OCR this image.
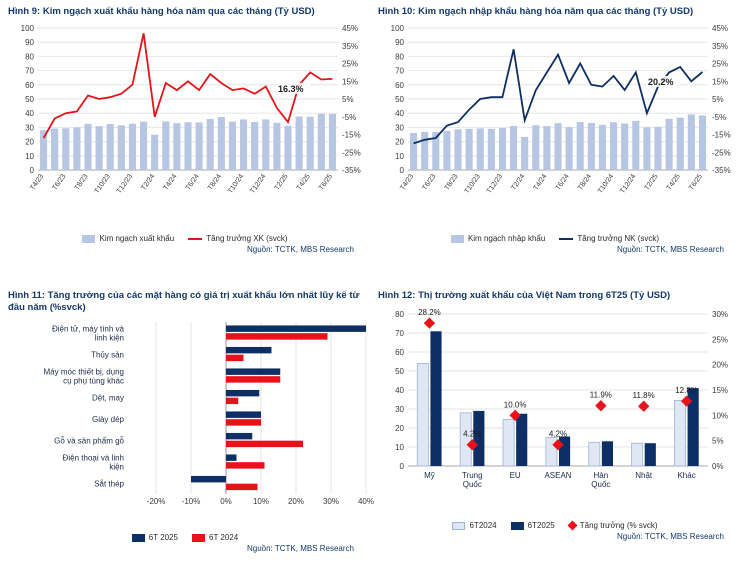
Hình 9: Kim ngạch xuất khẩu hàng hóa năm qua các tháng (Tỷ USD)
0
10
20
30
40
50
60
70
80
90
100
-35%
-25%
-15%
-5%
5%
15%
25%
35%
45%
16.3%
T4/23 T6/23 T8/23 T10/23 T12/23 T2/24 T4/24 T6/24 T8/24 T10/24 T12/24 T2/25 T4/25 T6/25
Kim ngạch xuất khẩu	Tăng trưởng XK (svck)
Nguồn: TCTK, MBS Research
Hình 10: Kim ngạch nhập khẩu hàng hóa năm qua các tháng (Tỷ USD)
0
10
20
30
40
50
60
70
80
90
100
-35%
-25%
-15%
-5%
5%
15%
25%
35%
45%
20.2%
T4/23 T6/23 T8/23 T10/23 T12/23 T2/24 T4/24 T6/24 T8/24 T10/24 T12/24 T2/25 T4/25 T6/25
Kim ngạch nhập khẩu	Tăng trưởng NK (svck)
Nguồn: TCTK, MBS Research
Hình 11: Tăng trưởng của các mặt hàng có giá trị xuất khẩu lớn nhất lũy kế từ đầu năm (%svck)
-20% -10% 0%	10% 20% 30% 40%
Điện tử, máy tính và
linh kiện
Thủy sản
Máy móc thiết bị, dụng
cụ phụ tùng khác
Dệt, may
Giày dép
Gỗ và sản phẩm gỗ
Điện thoại và linh
kiện
Sắt thép
6T 2025	6T 2024
Nguồn: TCTK, MBS Research
Hình 12: Thị trường xuất khẩu của Việt Nam trong 6T25 (Tỷ USD)
0
10
20
30
40
50
60
70
80
0%
5%
10%
15%
20%
25%
30%
28.2%
Mỹ
4.2%
Trung
Quốc
10.0%
EU
4.2%
ASEAN
11.9%
Hàn
Quốc
11.8%
Nhật
12.8%
Khác
6T2024	6T2025	Tăng trưởng (% svck)
Nguồn: TCTK, MBS Research
